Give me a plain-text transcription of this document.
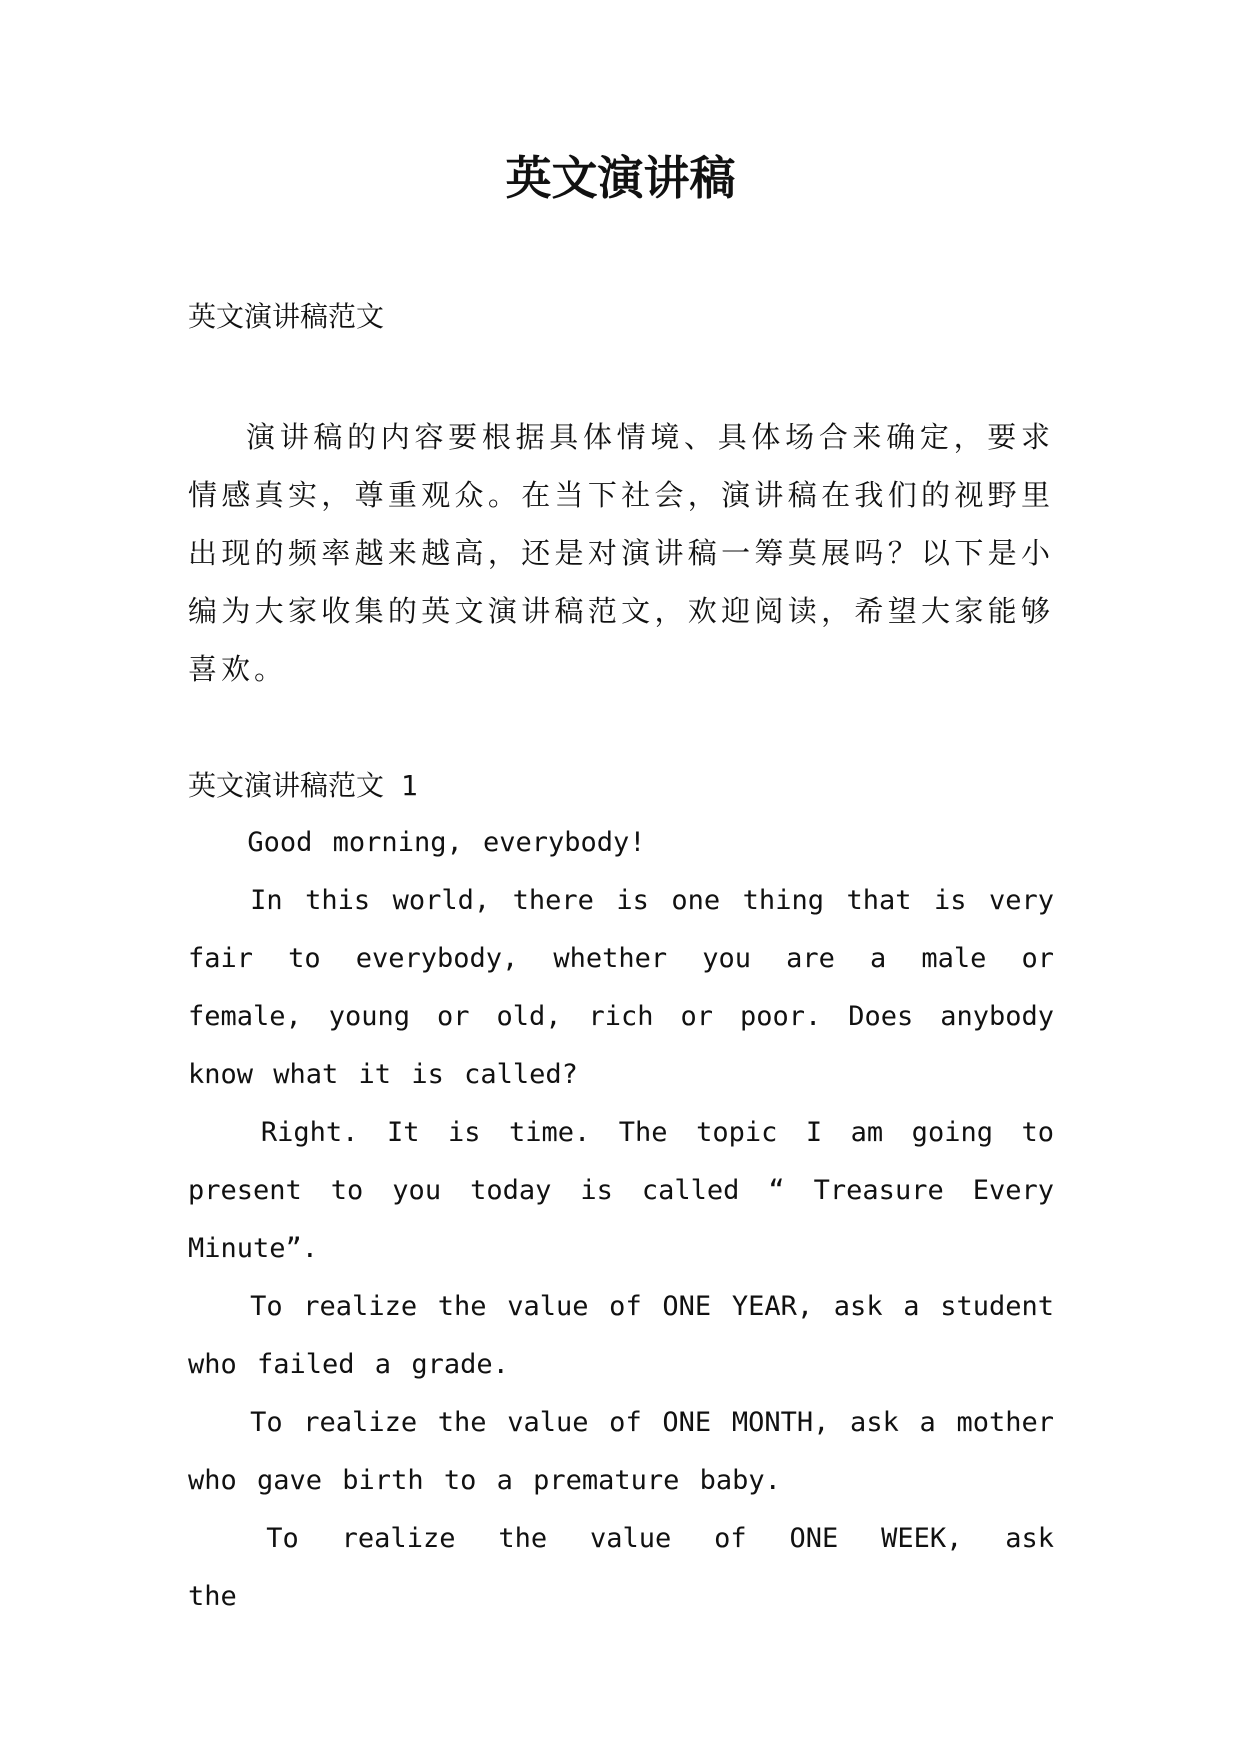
英文演讲稿

英文演讲稿范文

演讲稿的内容要根据具体情境、具体场合来确定，要求情感真实，尊重观众。在当下社会，演讲稿在我们的视野里出现的频率越来越高，还是对演讲稿一筹莫展吗？以下是小编为大家收集的英文演讲稿范文，欢迎阅读，希望大家能够喜欢。

英文演讲稿范文 1

Good morning, everybody!

In this world, there is one thing that is very fair to everybody, whether you are a male or female, young or old, rich or poor. Does anybody know what it is called?

Right. It is time. The topic I am going to present to you today is called “ Treasure Every Minute”.

To realize the value of ONE YEAR, ask a student who failed a grade.

To realize the value of ONE MONTH, ask a mother who gave birth to a premature baby.

To realize the value of ONE WEEK, ask the
